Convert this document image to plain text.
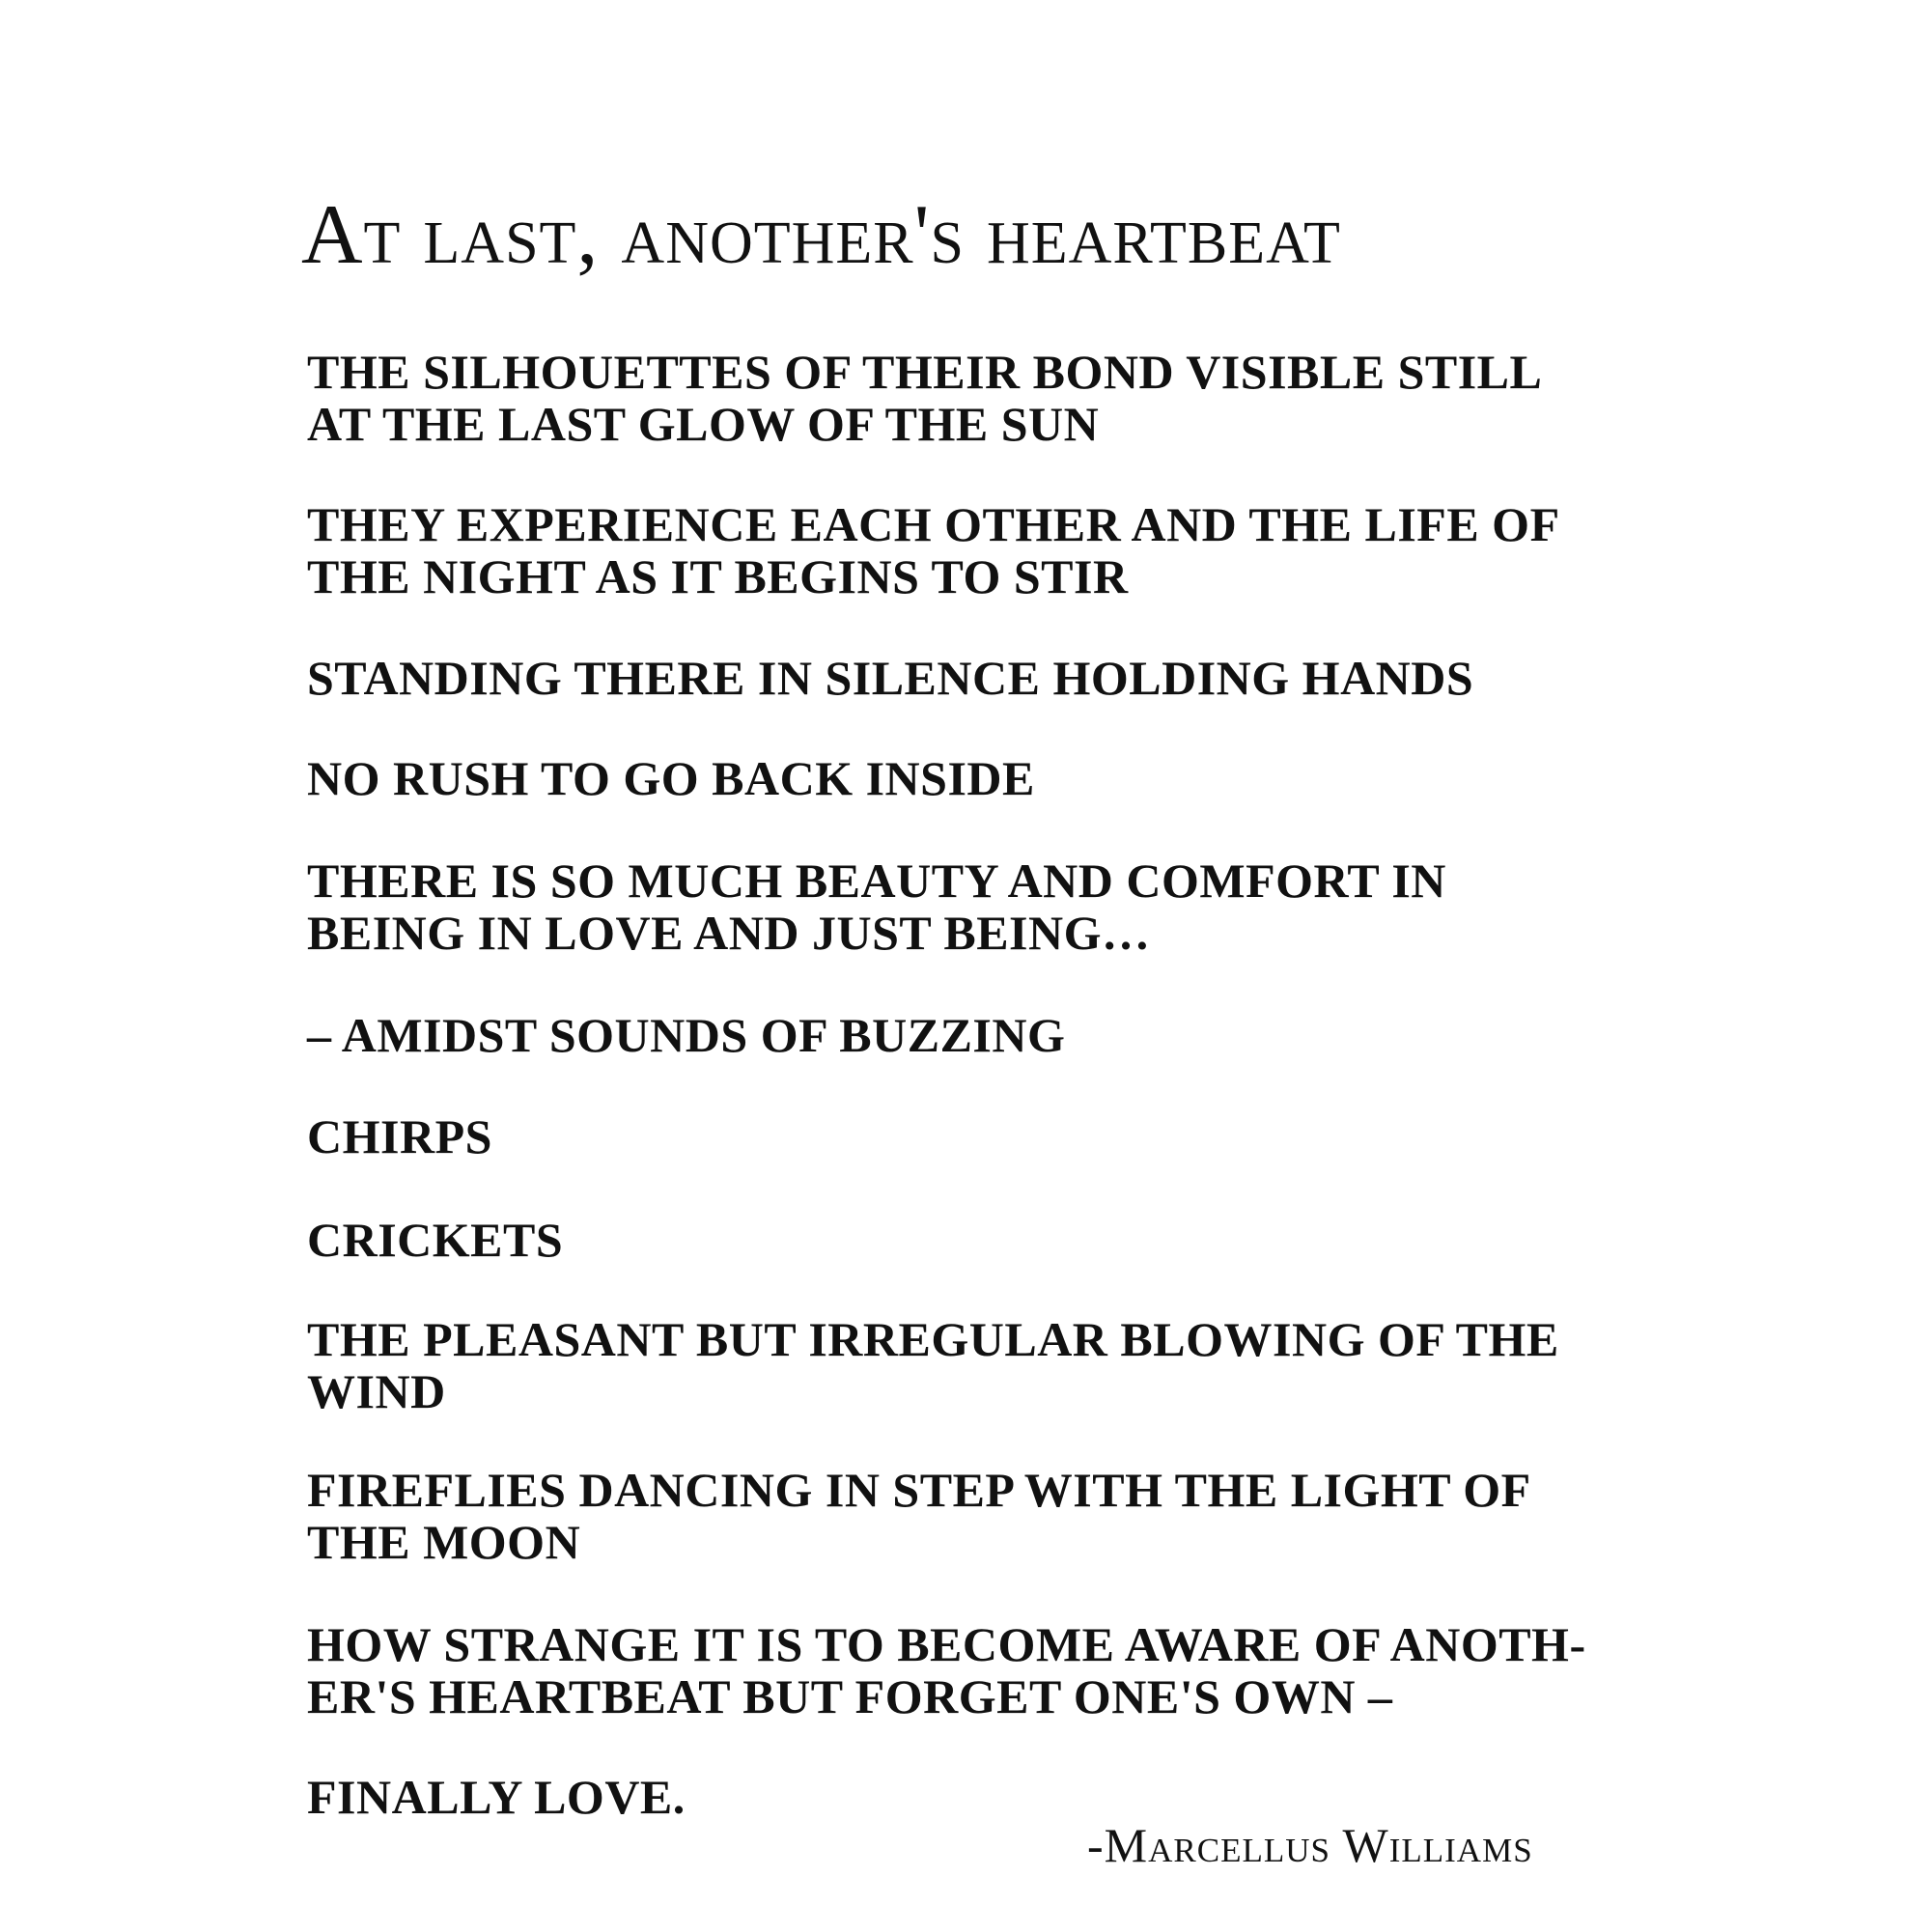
At last, another's heartbeat

THE SILHOUETTES OF THEIR BOND VISIBLE STILL
AT THE LAST GLOW OF THE SUN

THEY EXPERIENCE EACH OTHER AND THE LIFE OF
THE NIGHT AS IT BEGINS TO STIR

STANDING THERE IN SILENCE HOLDING HANDS

NO RUSH TO GO BACK INSIDE

THERE IS SO MUCH BEAUTY AND COMFORT IN
BEING IN LOVE AND JUST BEING…

– AMIDST SOUNDS OF BUZZING

CHIRPS

CRICKETS

THE PLEASANT BUT IRREGULAR BLOWING OF THE
WIND

FIREFLIES DANCING IN STEP WITH THE LIGHT OF
THE MOON

HOW STRANGE IT IS TO BECOME AWARE OF ANOTH-
ER'S HEARTBEAT BUT FORGET ONE'S OWN –

FINALLY LOVE.

-Marcellus Williams
